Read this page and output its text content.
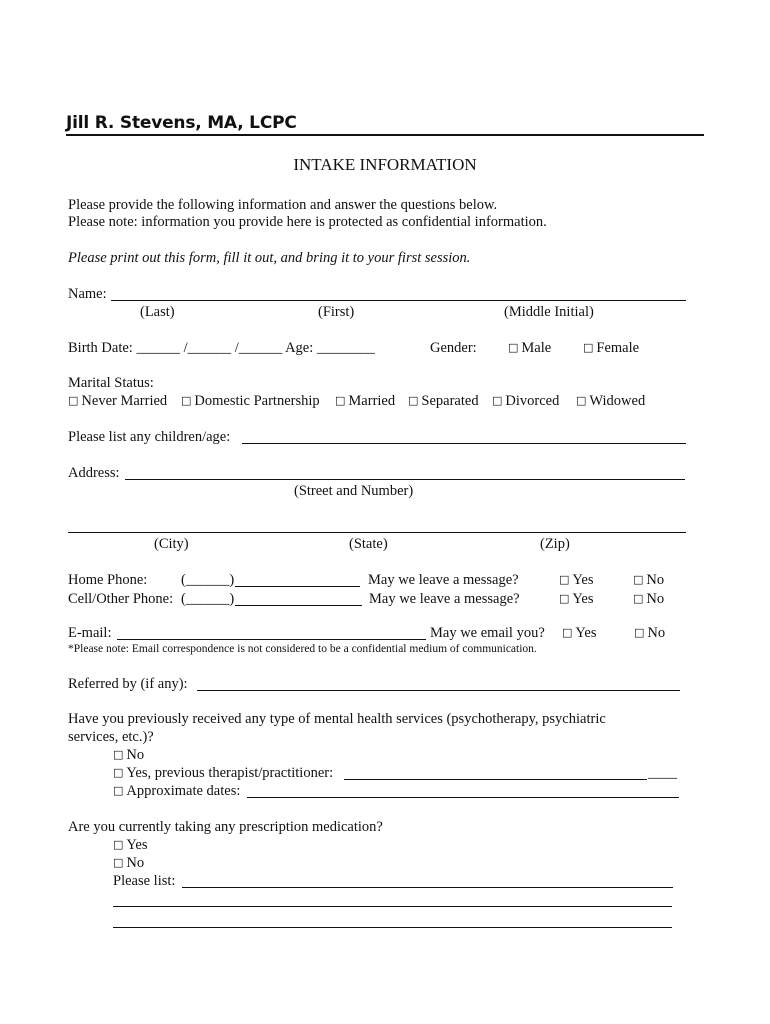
Jill R. Stevens, MA, LCPC
INTAKE INFORMATION
Please provide the following information and answer the questions below.
Please note: information you provide here is protected as confidential information.
Please print out this form, fill it out, and bring it to your first session.
Name:
(Last)	(First)	(Middle Initial)
Birth Date: ______ /______ /______ Age: ________	Gender:	□ Male	□ Female
Marital Status:
□ Never Married □ Domestic Partnership □ Married □ Separated □ Divorced □ Widowed
Please list any children/age:
Address:
(Street and Number)
(City)	(State)	(Zip)
Home Phone: (______)	May we leave a message?	□ Yes	□ No
Cell/Other Phone: (______)	May we leave a message?	□ Yes	□ No
E-mail:	May we email you? □ Yes	□ No
*Please note: Email correspondence is not considered to be a confidential medium of communication.
Referred by (if any):
Have you previously received any type of mental health services (psychotherapy, psychiatric
services, etc.)?
□ No
□ Yes, previous therapist/practitioner:	____
□ Approximate dates:
Are you currently taking any prescription medication?
□ Yes
□ No
Please list:
